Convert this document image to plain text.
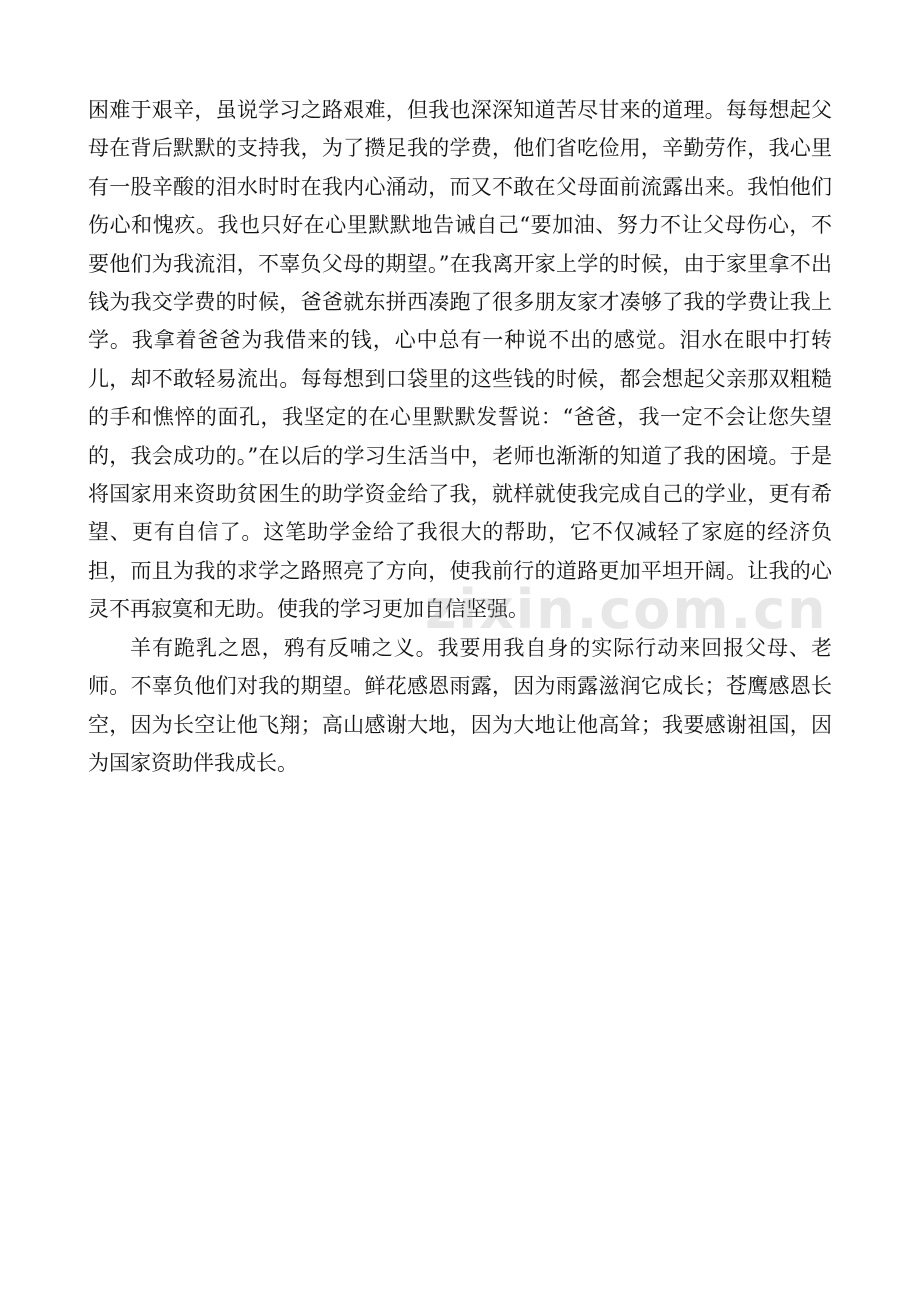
困难于艰辛，虽说学习之路艰难，但我也深深知道苦尽甘来的道理。每每想起父母在背后默默的支持我，为了攒足我的学费，他们省吃俭用，辛勤劳作，我心里有一股辛酸的泪水时时在我内心涌动，而又不敢在父母面前流露出来。我怕他们伤心和愧疚。我也只好在心里默默地告诫自己“要加油、努力不让父母伤心，不要他们为我流泪，不辜负父母的期望。”在我离开家上学的时候，由于家里拿不出钱为我交学费的时候，爸爸就东拼西凑跑了很多朋友家才凑够了我的学费让我上学。我拿着爸爸为我借来的钱，心中总有一种说不出的感觉。泪水在眼中打转儿，却不敢轻易流出。每每想到口袋里的这些钱的时候，都会想起父亲那双粗糙的手和憔悴的面孔，我坚定的在心里默默发誓说：“爸爸，我一定不会让您失望的，我会成功的。”在以后的学习生活当中，老师也渐渐的知道了我的困境。于是将国家用来资助贫困生的助学资金给了我，就样就使我完成自己的学业，更有希望、更有自信了。这笔助学金给了我很大的帮助，它不仅减轻了家庭的经济负担，而且为我的求学之路照亮了方向，使我前行的道路更加平坦开阔。让我的心灵不再寂寞和无助。使我的学习更加自信坚强。

羊有跪乳之恩，鸦有反哺之义。我要用我自身的实际行动来回报父母、老师。不辜负他们对我的期望。鲜花感恩雨露，因为雨露滋润它成长；苍鹰感恩长空，因为长空让他飞翔；高山感谢大地，因为大地让他高耸；我要感谢祖国，因为国家资助伴我成长。

zixin.com.cn
